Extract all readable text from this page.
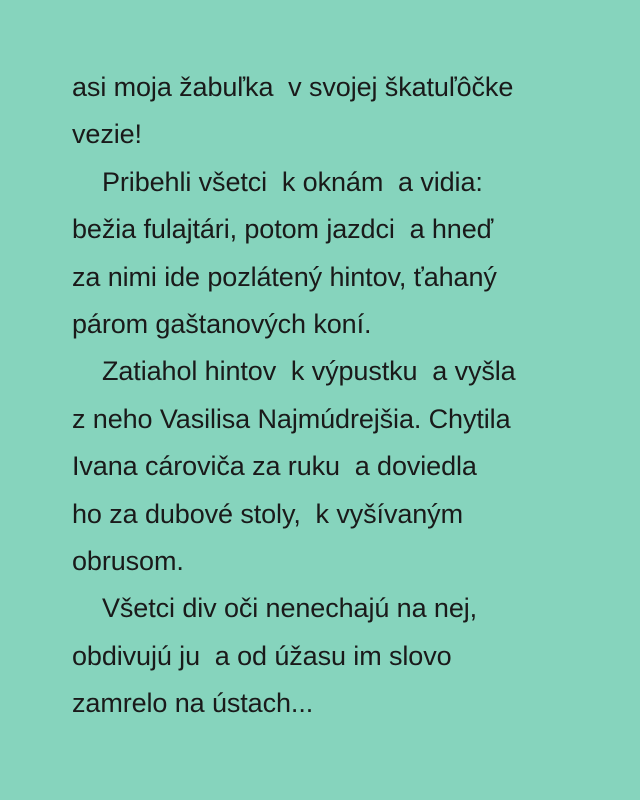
asi moja žabuľka  v svojej škatuľôčke
vezie!
Pribehli všetci  k oknám  a vidia:
bežia fulajtári, potom jazdci  a hneď
za nimi ide pozlátený hintov, ťahaný
párom gaštanových koní.
Zatiahol hintov  k výpustku  a vyšla
z neho Vasilisa Najmúdrejšia. Chytila
Ivana cároviča za ruku  a doviedla
ho za dubové stoly,  k vyšívaným
obrusom.
Všetci div oči nenechajú na nej,
obdivujú ju  a od úžasu im slovo
zamrelo na ústach...
